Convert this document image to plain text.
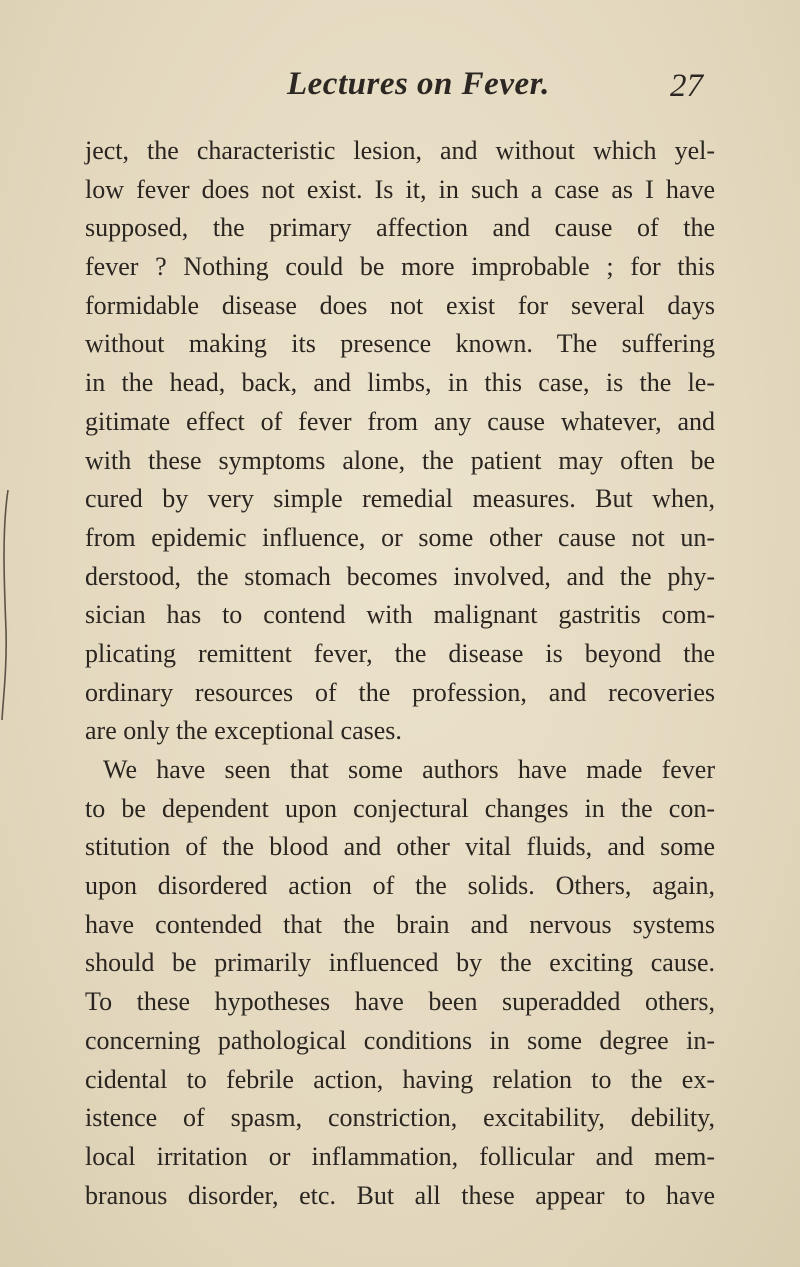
Lectures on Fever.	27
ject, the characteristic lesion, and without which yel-
low fever does not exist. Is it, in such a case as I have
supposed, the primary affection and cause of the
fever ? Nothing could be more improbable ; for this
formidable disease does not exist for several days
without making its presence known. The suffering
in the head, back, and limbs, in this case, is the le-
gitimate effect of fever from any cause whatever, and
with these symptoms alone, the patient may often be
cured by very simple remedial measures. But when,
from epidemic influence, or some other cause not un-
derstood, the stomach becomes involved, and the phy-
sician has to contend with malignant gastritis com-
plicating remittent fever, the disease is beyond the
ordinary resources of the profession, and recoveries
are only the exceptional cases.
We have seen that some authors have made fever
to be dependent upon conjectural changes in the con-
stitution of the blood and other vital fluids, and some
upon disordered action of the solids. Others, again,
have contended that the brain and nervous systems
should be primarily influenced by the exciting cause.
To these hypotheses have been superadded others,
concerning pathological conditions in some degree in-
cidental to febrile action, having relation to the ex-
istence of spasm, constriction, excitability, debility,
local irritation or inflammation, follicular and mem-
branous disorder, etc. But all these appear to have
